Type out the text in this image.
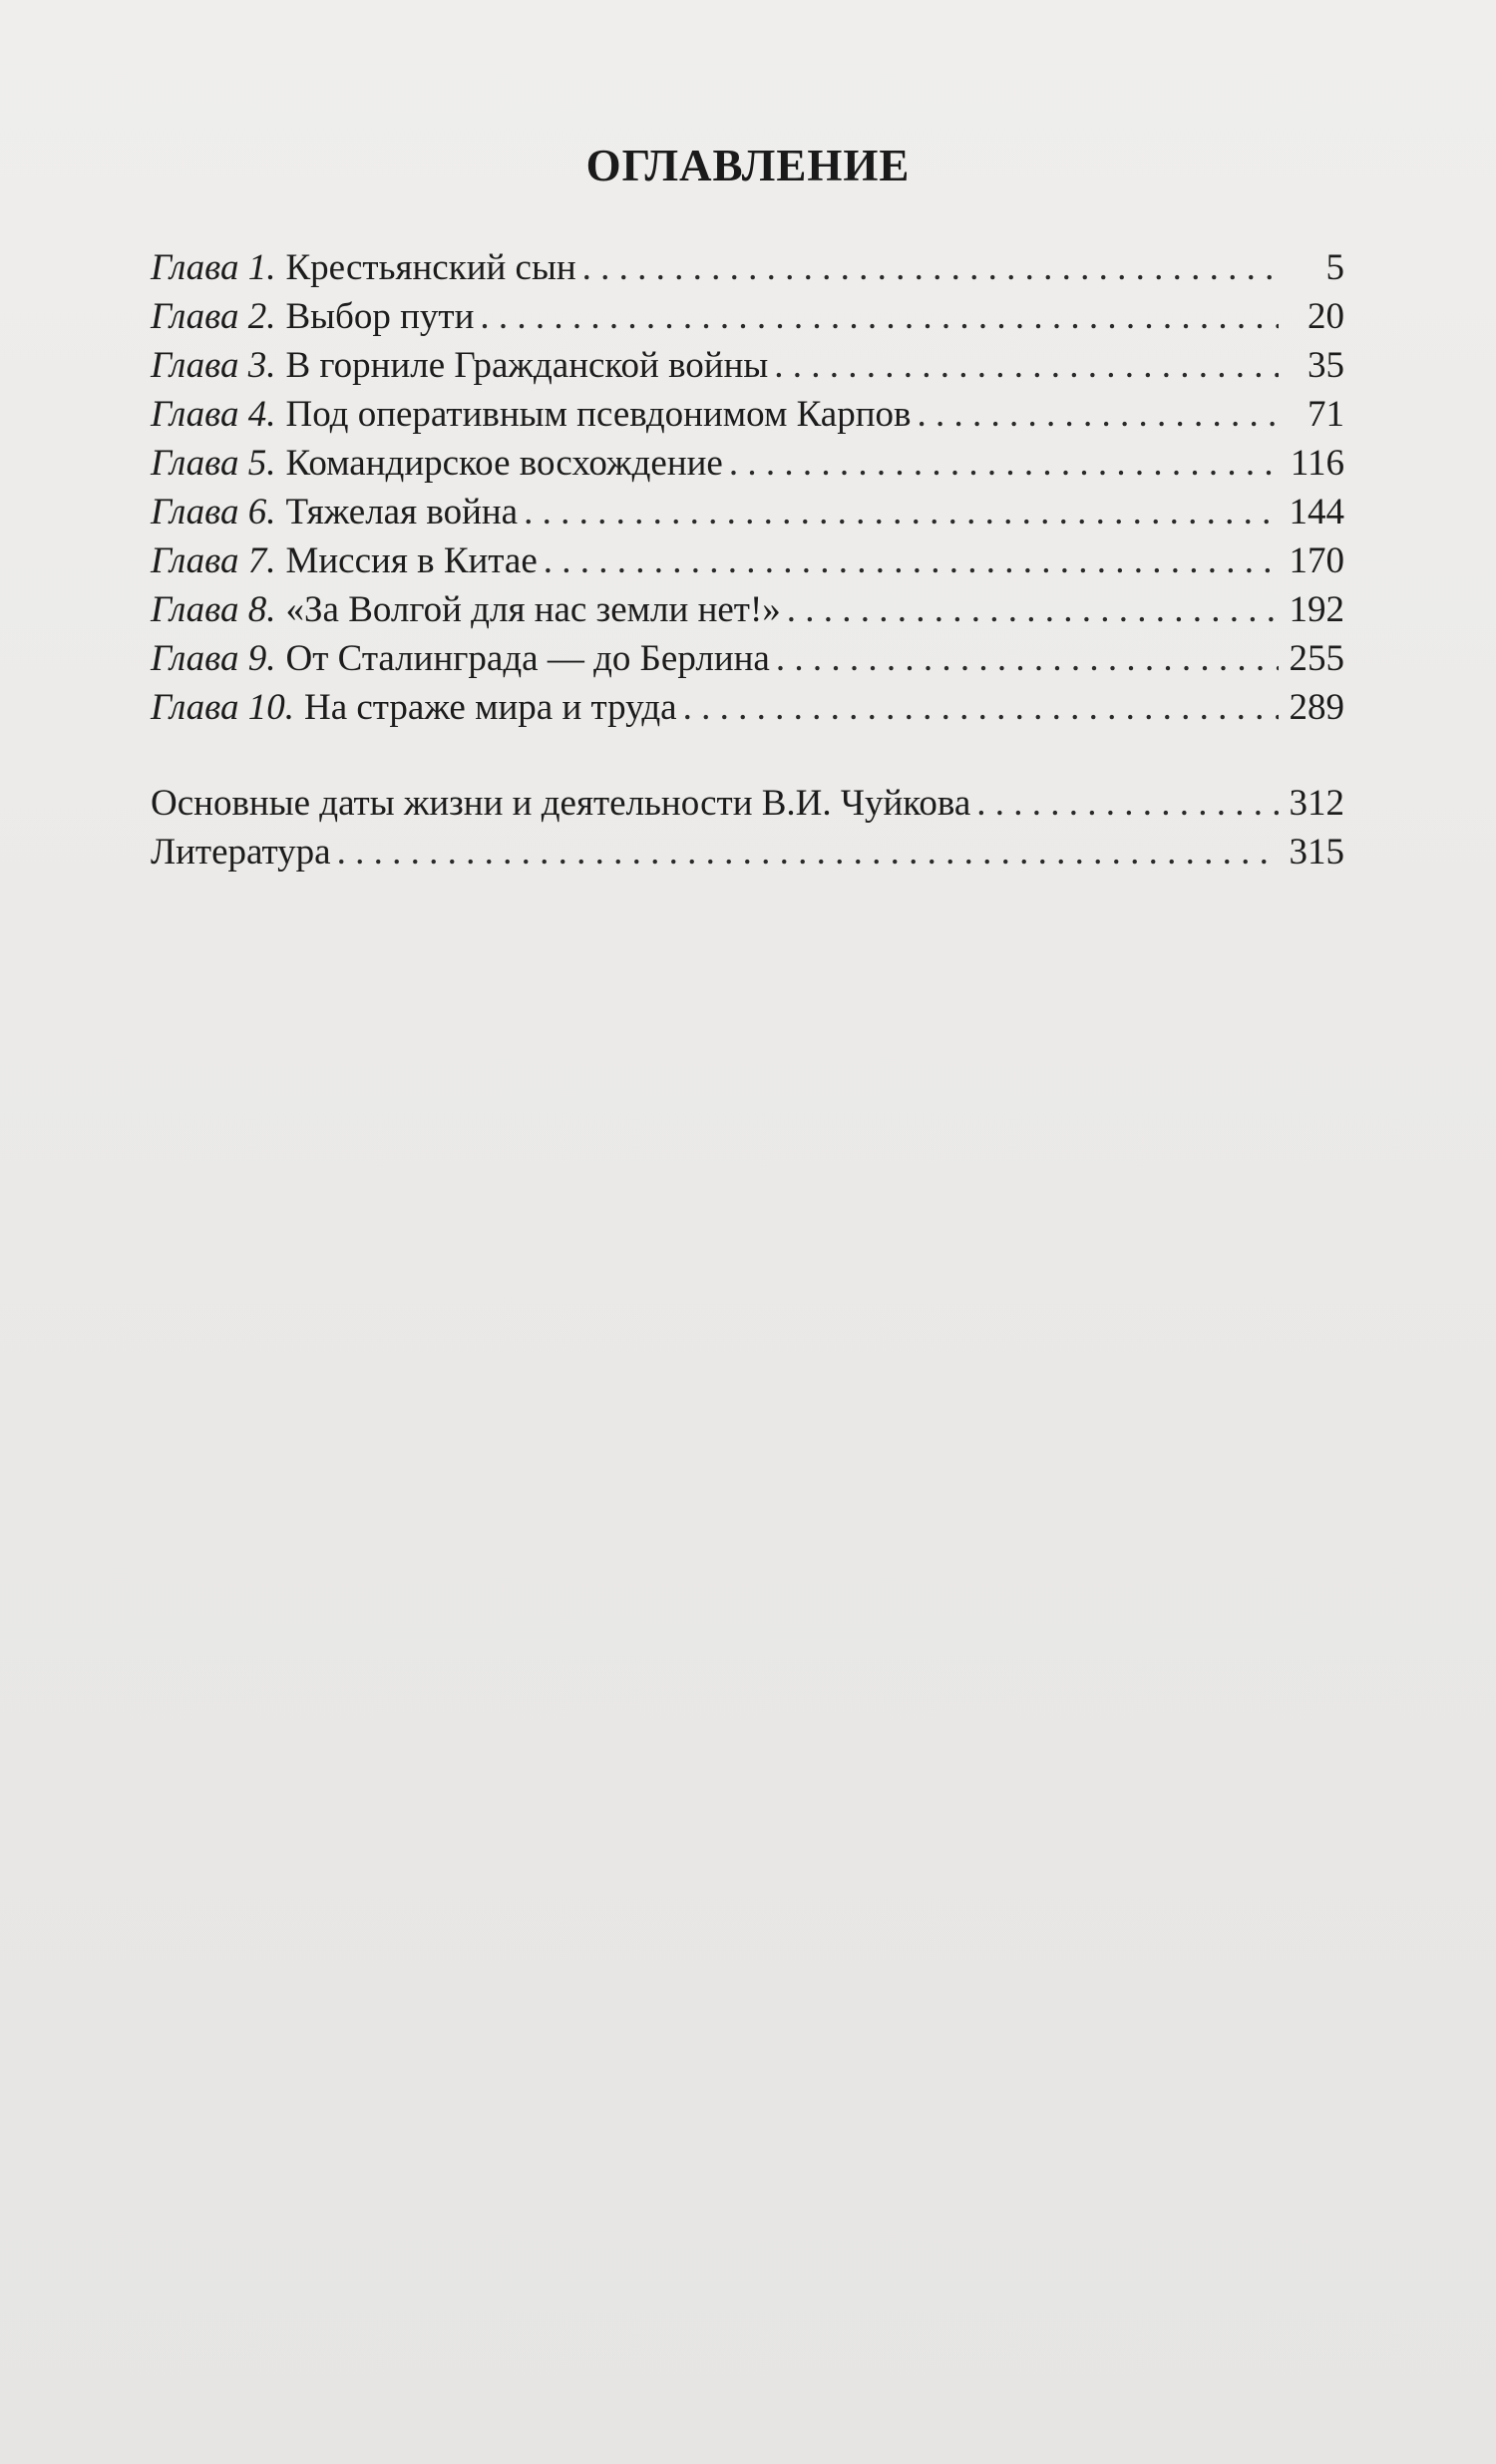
ОГЛАВЛЕНИЕ
Глава 1. Крестьянский сын . . .	5
Глава 2. Выбор пути . . .	20
Глава 3. В горниле Гражданской войны . . .	35
Глава 4. Под оперативным псевдонимом Карпов . . .	71
Глава 5. Командирское восхождение . . .	116
Глава 6. Тяжелая война . . .	144
Глава 7. Миссия в Китае . . .	170
Глава 8. «За Волгой для нас земли нет!» . . .	192
Глава 9. От Сталинграда — до Берлина . . .	255
Глава 10. На страже мира и труда . . .	289
Основные даты жизни и деятельности В.И. Чуйкова . . .	312
Литература . . .	315
